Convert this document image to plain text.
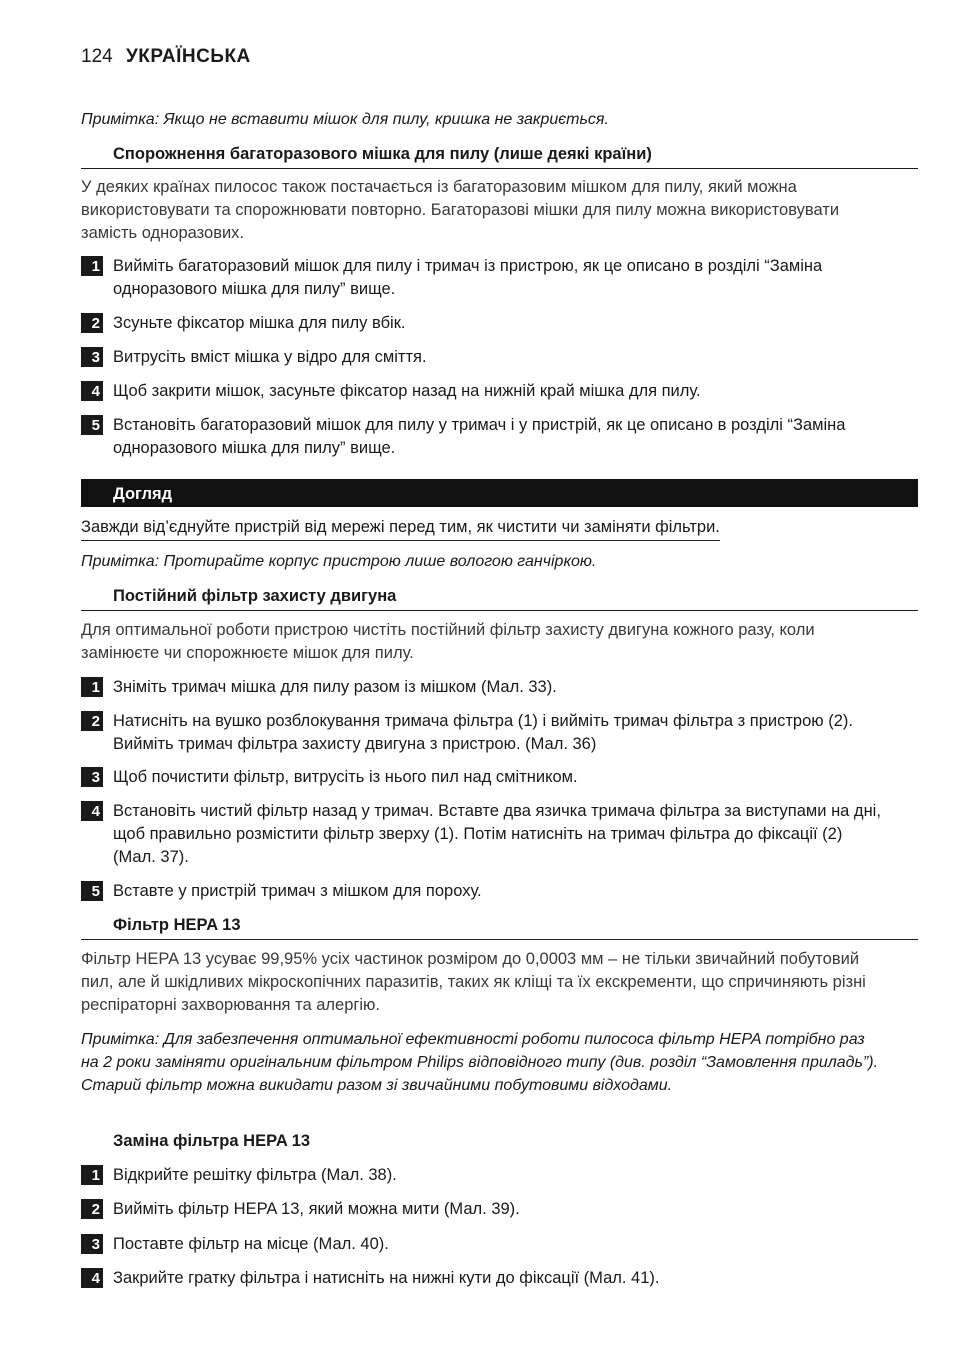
124 УКРАЇНСЬКА
Примітка: Якщо не вставити мішок для пилу, кришка не закриється.
Спорожнення багаторазового мішка для пилу (лише деякі країни)
У деяких країнах пилосос також постачається із багаторазовим мішком для пилу, який можна використовувати та спорожнювати повторно. Багаторазові мішки для пилу можна використовувати замість одноразових.
1 Вийміть багаторазовий мішок для пилу і тримач із пристрою, як це описано в розділі “Заміна одноразового мішка для пилу” вище.
2 Зсуньте фіксатор мішка для пилу вбік.
3 Витрусіть вміст мішка у відро для сміття.
4 Щоб закрити мішок, засуньте фіксатор назад на нижній край мішка для пилу.
5 Встановіть багаторазовий мішок для пилу у тримач і у пристрій, як це описано в розділі “Заміна одноразового мішка для пилу” вище.
Догляд
Завжди від’єднуйте пристрій від мережі перед тим, як чистити чи заміняти фільтри.
Примітка: Протирайте корпус пристрою лише вологою ганчіркою.
Постійний фільтр захисту двигуна
Для оптимальної роботи пристрою чистіть постійний фільтр захисту двигуна кожного разу, коли замінюєте чи спорожнюєте мішок для пилу.
1 Зніміть тримач мішка для пилу разом із мішком (Мал. 33).
2 Натисніть на вушко розблокування тримача фільтра (1) і вийміть тримач фільтра з пристрою (2). Вийміть тримач фільтра захисту двигуна з пристрою. (Мал. 36)
3 Щоб почистити фільтр, витрусіть із нього пил над смітником.
4 Встановіть чистий фільтр назад у тримач. Вставте два язичка тримача фільтра за виступами на дні, щоб правильно розмістити фільтр зверху (1). Потім натисніть на тримач фільтра до фіксації (2) (Мал. 37).
5 Вставте у пристрій тримач з мішком для пороху.
Фільтр HEPA 13
Фільтр HEPA 13 усуває 99,95% усіх частинок розміром до 0,0003 мм – не тільки звичайний побутовий пил, але й шкідливих мікроскопічних паразитів, таких як кліщі та їх екскременти, що спричиняють різні респіраторні захворювання та алергію.
Примітка: Для забезпечення оптимальної ефективності роботи пилососа фільтр HEPA потрібно раз на 2 роки заміняти оригінальним фільтром Philips відповідного типу (див. розділ “Замовлення приладь”). Старий фільтр можна викидати разом зі звичайними побутовими відходами.
Заміна фільтра HEPA 13
1 Відкрийте решітку фільтра (Мал. 38).
2 Вийміть фільтр HEPA 13, який можна мити (Мал. 39).
3 Поставте фільтр на місце (Мал. 40).
4 Закрийте гратку фільтра і натисніть на нижні кути до фіксації (Мал. 41).
